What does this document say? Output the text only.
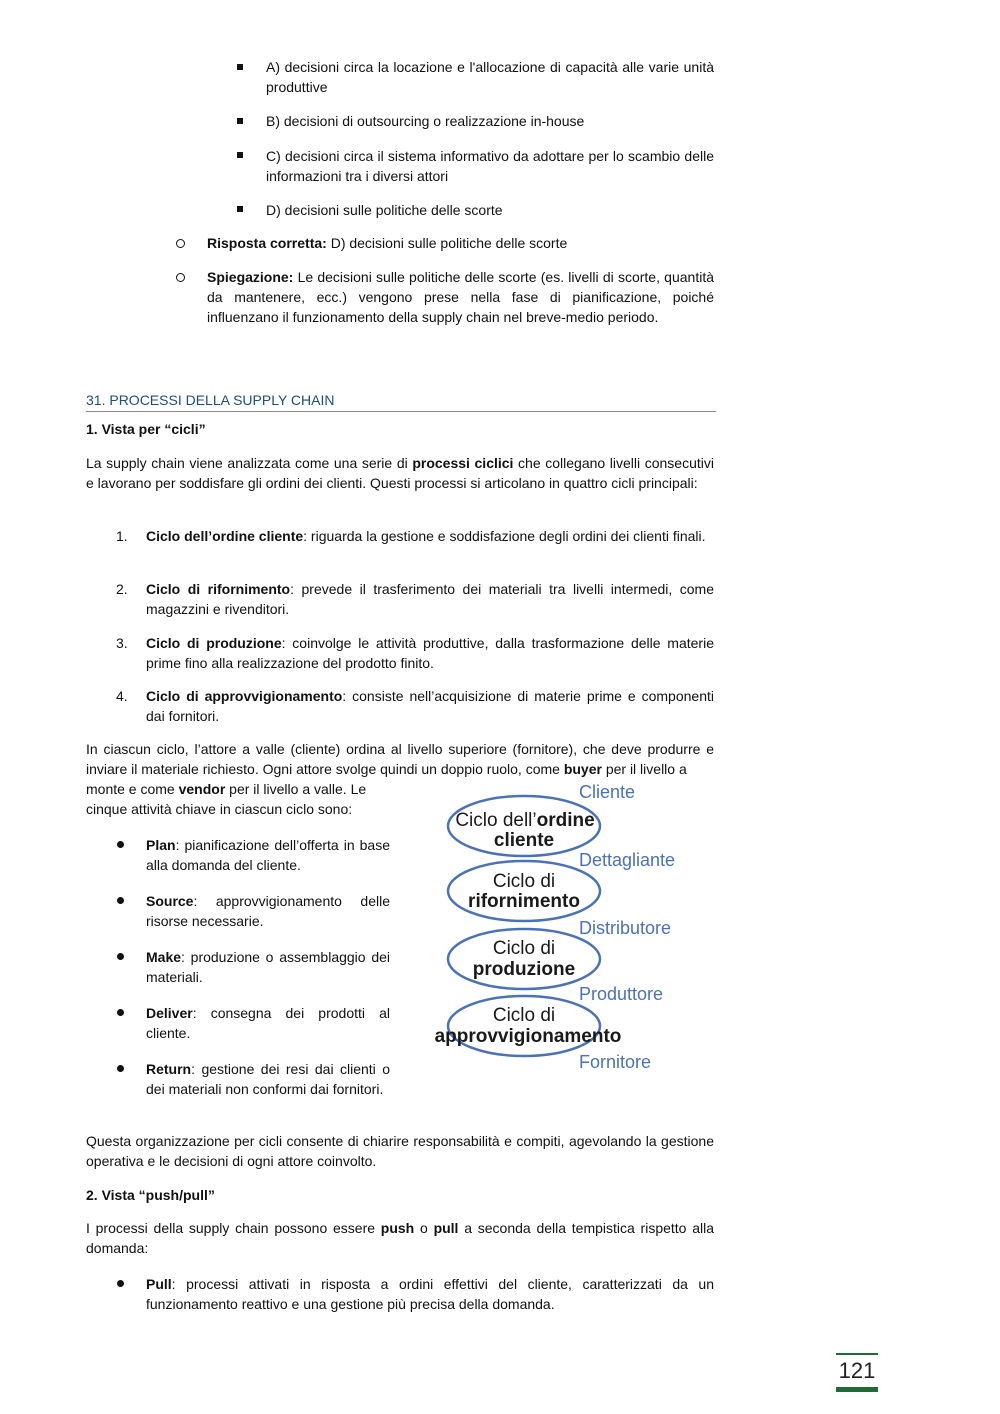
A) decisioni circa la locazione e l'allocazione di capacità alle varie unità produttive
B) decisioni di outsourcing o realizzazione in-house
C) decisioni circa il sistema informativo da adottare per lo scambio delle informazioni tra i diversi attori
D) decisioni sulle politiche delle scorte
Risposta corretta: D) decisioni sulle politiche delle scorte
Spiegazione: Le decisioni sulle politiche delle scorte (es. livelli di scorte, quantità da mantenere, ecc.) vengono prese nella fase di pianificazione, poiché influenzano il funzionamento della supply chain nel breve-medio periodo.
31. PROCESSI DELLA SUPPLY CHAIN
1. Vista per “cicli”
La supply chain viene analizzata come una serie di processi ciclici che collegano livelli consecutivi e lavorano per soddisfare gli ordini dei clienti. Questi processi si articolano in quattro cicli principali:
1.	Ciclo dell’ordine cliente: riguarda la gestione e soddisfazione degli ordini dei clienti finali.
2.	Ciclo di rifornimento: prevede il trasferimento dei materiali tra livelli intermedi, come magazzini e rivenditori.
3.	Ciclo di produzione: coinvolge le attività produttive, dalla trasformazione delle materie prime fino alla realizzazione del prodotto finito.
4.	Ciclo di approvvigionamento: consiste nell’acquisizione di materie prime e componenti dai fornitori.
In ciascun ciclo, l’attore a valle (cliente) ordina al livello superiore (fornitore), che deve produrre e inviare il materiale richiesto. Ogni attore svolge quindi un doppio ruolo, come buyer per il livello a
monte e come vendor per il livello a valle. Le
cinque attività chiave in ciascun ciclo sono:
Plan: pianificazione dell’offerta in base alla domanda del cliente.
Source: approvvigionamento delle risorse necessarie.
Make: produzione o assemblaggio dei materiali.
Deliver: consegna dei prodotti al cliente.
Return: gestione dei resi dai clienti o dei materiali non conformi dai fornitori.
Cliente
Dettagliante
Distributore
Produttore
Fornitore
Ciclo dell’ordine
cliente
Ciclo di
rifornimento
Ciclo di
produzione
Ciclo di
approvvigionamento
Questa organizzazione per cicli consente di chiarire responsabilità e compiti, agevolando la gestione operativa e le decisioni di ogni attore coinvolto.
2. Vista “push/pull”
I processi della supply chain possono essere push o pull a seconda della tempistica rispetto alla domanda:
Pull: processi attivati in risposta a ordini effettivi del cliente, caratterizzati da un funzionamento reattivo e una gestione più precisa della domanda.
121
